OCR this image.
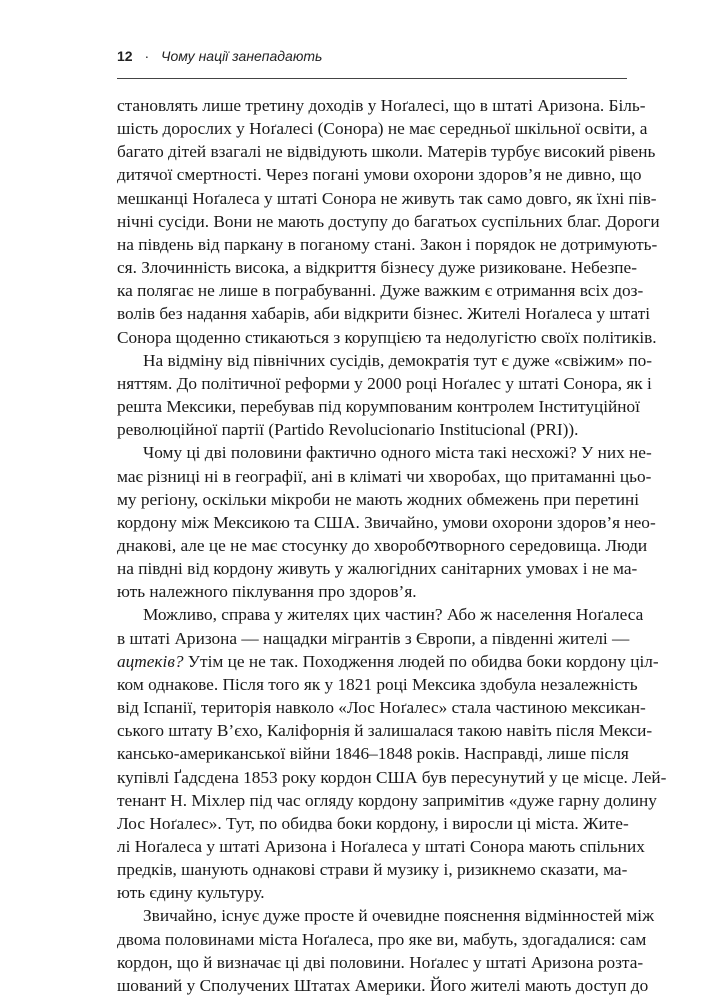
12 · Чому нації занепадають

становлять лише третину доходів у Ноґалесі, що в штаті Аризона. Біль-
шість дорослих у Ноґалесі (Сонора) не має середньої шкільної освіти, а
багато дітей взагалі не відвідують школи. Матерів турбує високий рівень
дитячої смертності. Через погані умови охорони здоров’я не дивно, що
мешканці Ноґалеса у штаті Сонора не живуть так само довго, як їхні пів-
нічні сусіди. Вони не мають доступу до багатьох суспільних благ. Дороги
на південь від паркану в поганому стані. Закон і порядок не дотримують-
ся. Злочинність висока, а відкриття бізнесу дуже ризиковане. Небезпе-
ка полягає не лише в пограбуванні. Дуже важким є отримання всіх доз-
волів без надання хабарів, аби відкрити бізнес. Жителі Ноґалеса у штаті
Сонора щоденно стикаються з корупцією та недолугістю своїх політиків.

На відміну від північних сусідів, демократія тут є дуже «свіжим» по-
няттям. До політичної реформи у 2000 році Ноґалес у штаті Сонора, як і
решта Мексики, перебував під корумпованим контролем Інституційної
революційної партії (Partido Revolucionario Institucional (PRI)).

Чому ці дві половини фактично одного міста такі несхожі? У них не-
має різниці ні в географії, ані в кліматі чи хворобах, що притаманні цьо-
му регіону, оскільки мікроби не мають жодних обмежень при перетині
кордону між Мексикою та США. Звичайно, умови охорони здоров’я нео-
днакові, але це не має стосунку до хворобოтворного середовища. Люди
на півдні від кордону живуть у жалюгідних санітарних умовах і не ма-
ють належного піклування про здоров’я.

Можливо, справа у жителях цих частин? Або ж населення Ноґалеса
в штаті Аризона — нащадки мігрантів з Європи, а південні жителі —
ацтеків? Утім це не так. Походження людей по обидва боки кордону ціл-
ком однакове. Після того як у 1821 році Мексика здобула незалежність
від Іспанії, територія навколо «Лос Ноґалес» стала частиною мексикан-
ського штату В’єхо, Каліфорнія й залишалася такою навіть після Мекси-
кансько-американської війни 1846–1848 років. Насправді, лише після
купівлі Ґадсдена 1853 року кордон США був пересунутий у це місце. Лей-
тенант Н. Міхлер під час огляду кордону запримітив «дуже гарну долину
Лос Ноґалес». Тут, по обидва боки кордону, і виросли ці міста. Жите-
лі Ноґалеса у штаті Аризона і Ноґалеса у штаті Сонора мають спільних
предків, шанують однакові страви й музику і, ризикнемо сказати, ма-
ють єдину культуру.

Звичайно, існує дуже просте й очевидне пояснення відмінностей між
двома половинами міста Ноґалеса, про яке ви, мабуть, здогадалися: сам
кордон, що й визначає ці дві половини. Ноґалес у штаті Аризона розта-
шований у Сполучених Штатах Америки. Його жителі мають доступ до
